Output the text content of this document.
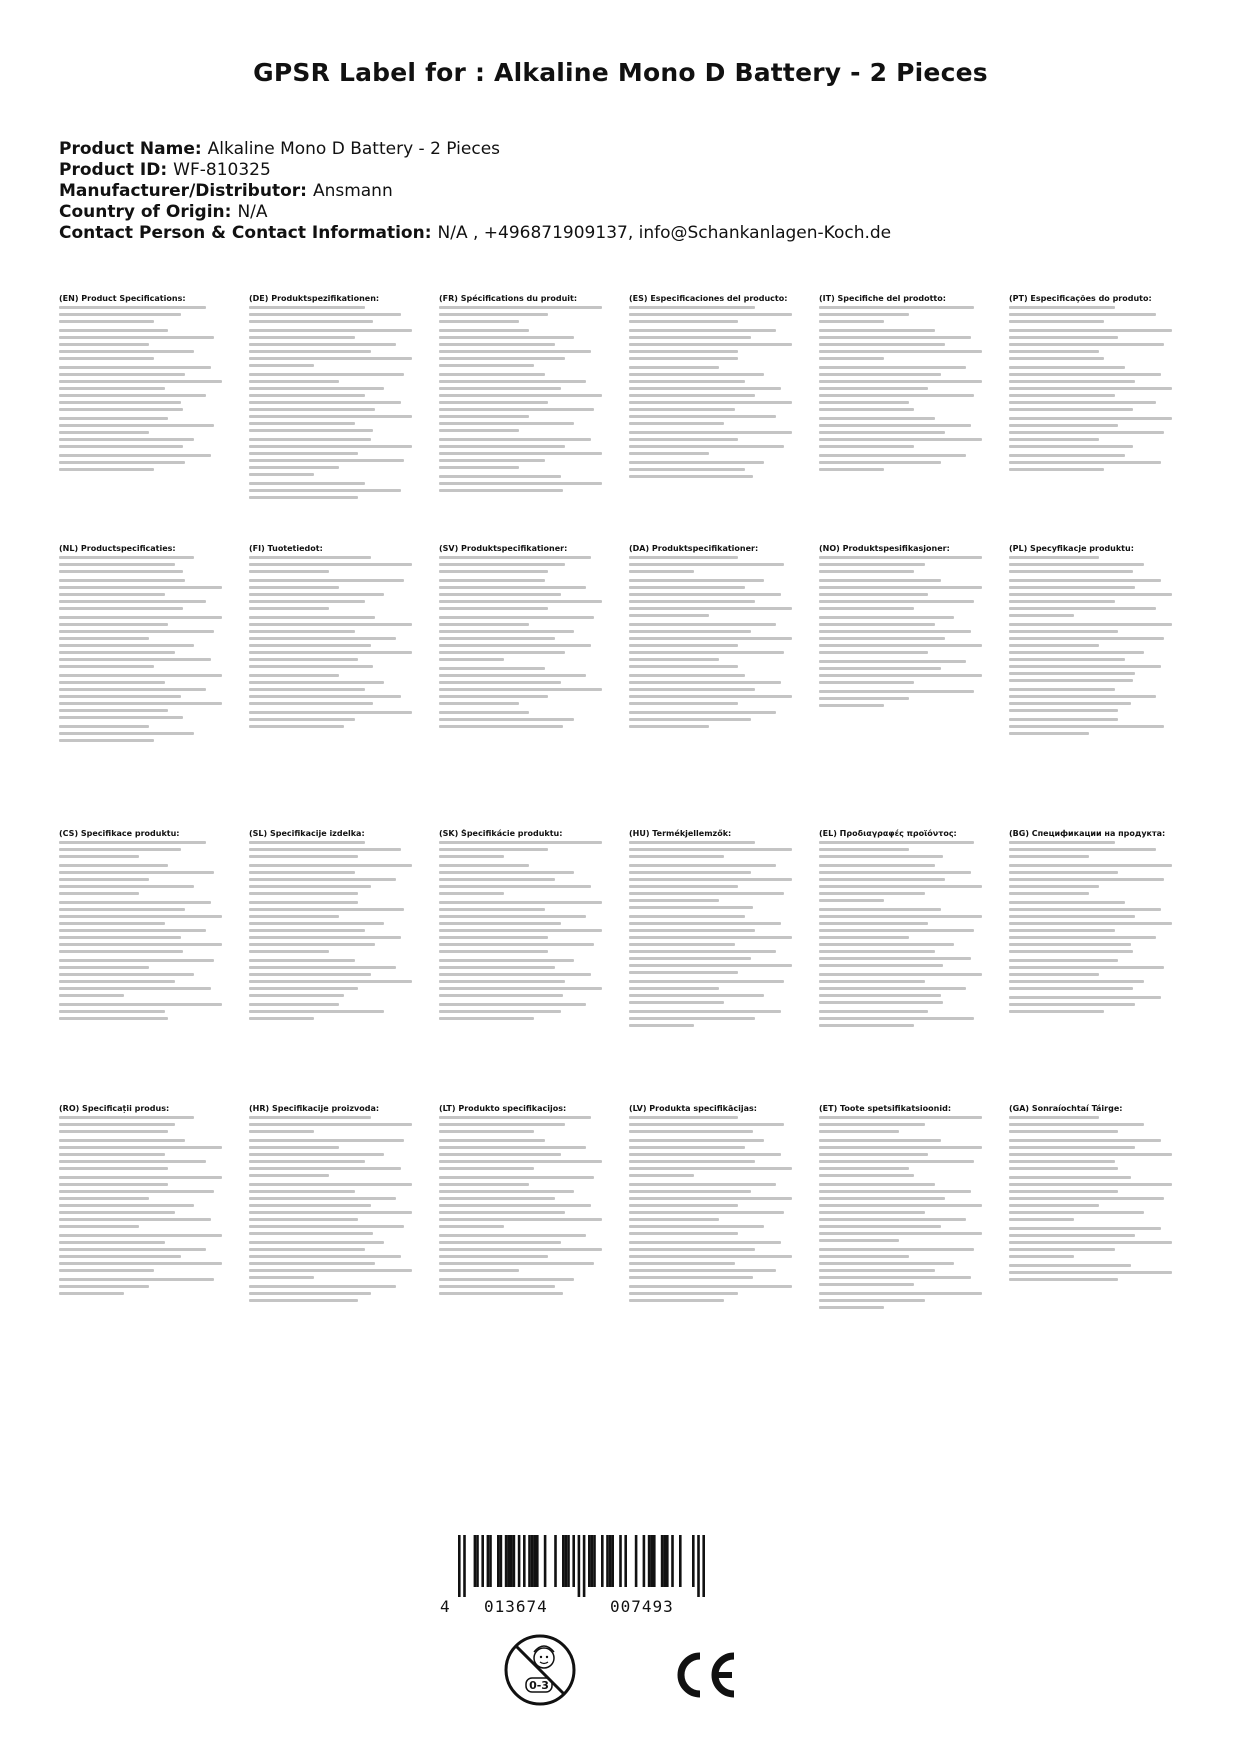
GPSR Label for : Alkaline Mono D Battery - 2 Pieces
Product Name: Alkaline Mono D Battery - 2 Pieces
Product ID: WF-810325
Manufacturer/Distributor: Ansmann
Country of Origin: N/A
Contact Person & Contact Information: N/A , +496871909137, info@Schankanlagen-Koch.de
(EN) Product Specifications:	(DE) Produktspezifikationen:	(FR) Spécifications du produit:	(ES) Especificaciones del producto:	(IT) Specifiche del prodotto:	(PT) Especificações do produto:
(NL) Productspecificaties:	(FI) Tuotetiedot:	(SV) Produktspecifikationer:	(DA) Produktspecifikationer:	(NO) Produktspesifikasjoner:	(PL) Specyfikacje produktu:
(CS) Specifikace produktu:	(SL) Specifikacije izdelka:	(SK) Špecifikácie produktu:	(HU) Termékjellemzők:	(EL) Προδιαγραφές προϊόντος:	(BG) Спецификации на продукта:
(RO) Specificații produs:	(HR) Specifikacije proizvoda:	(LT) Produkto specifikacijos:	(LV) Produkta specifikācijas:	(ET) Toote spetsifikatsioonid:	(GA) Sonraíochtaí Táirge:
4 013674	007493
0-3
